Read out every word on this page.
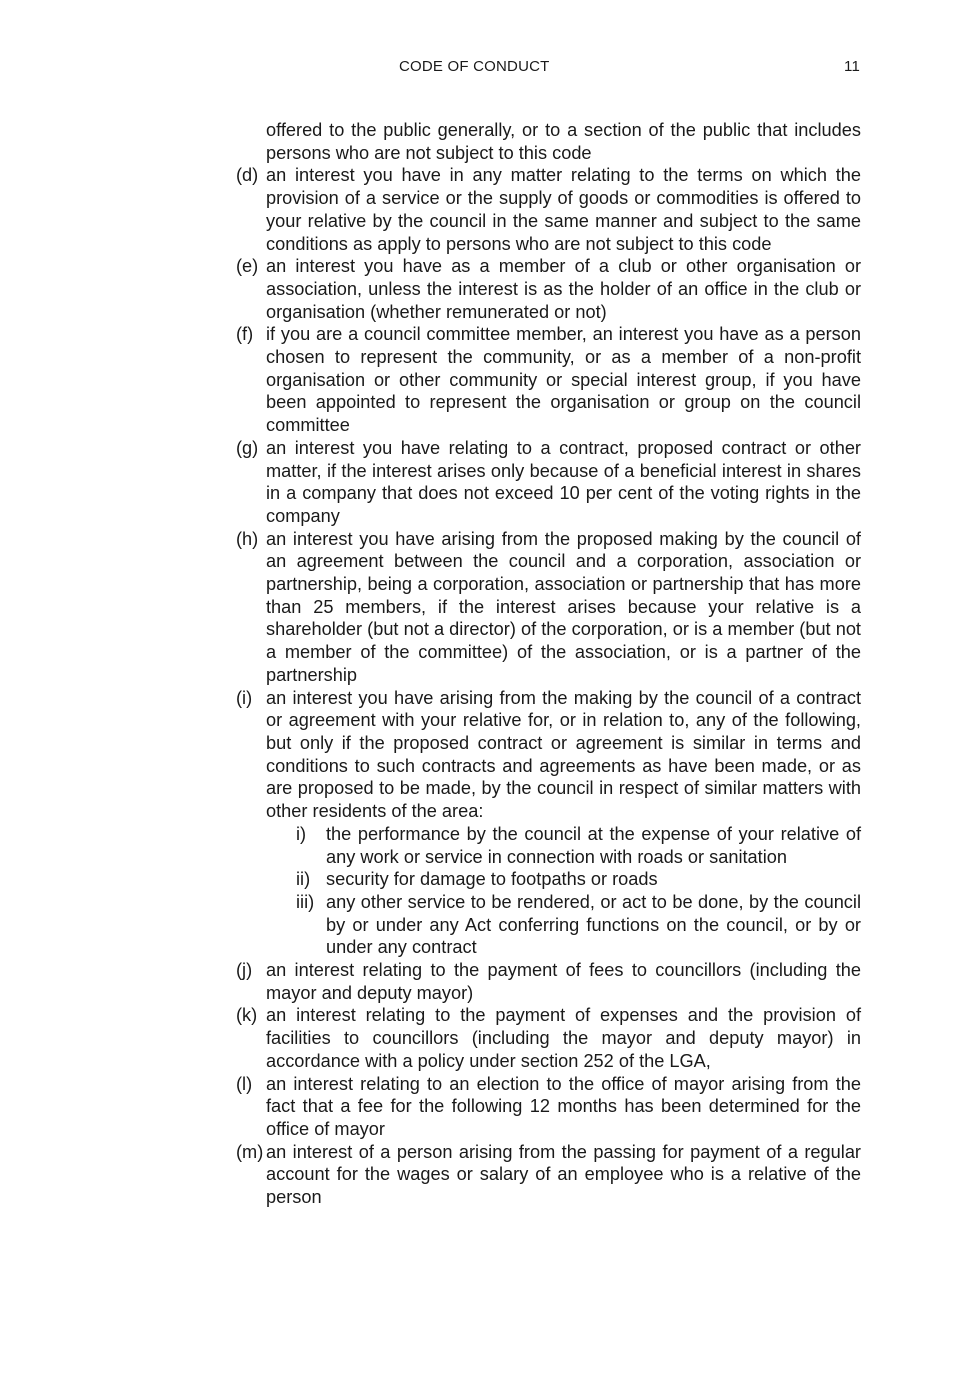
CODE OF CONDUCT	11

offered to the public generally, or to a section of the public that includes persons who are not subject to this code

(d) an interest you have in any matter relating to the terms on which the provision of a service or the supply of goods or commodities is offered to your relative by the council in the same manner and subject to the same conditions as apply to persons who are not subject to this code
(e) an interest you have as a member of a club or other organisation or association, unless the interest is as the holder of an office in the club or organisation (whether remunerated or not)
(f) if you are a council committee member, an interest you have as a person chosen to represent the community, or as a member of a non-profit organisation or other community or special interest group, if you have been appointed to represent the organisation or group on the council committee
(g) an interest you have relating to a contract, proposed contract or other matter, if the interest arises only because of a beneficial interest in shares in a company that does not exceed 10 per cent of the voting rights in the company
(h) an interest you have arising from the proposed making by the council of an agreement between the council and a corporation, association or partnership, being a corporation, association or partnership that has more than 25 members, if the interest arises because your relative is a shareholder (but not a director) of the corporation, or is a member (but not a member of the committee) of the association, or is a partner of the partnership
(i) an interest you have arising from the making by the council of a contract or agreement with your relative for, or in relation to, any of the following, but only if the proposed contract or agreement is similar in terms and conditions to such contracts and agreements as have been made, or as are proposed to be made, by the council in respect of similar matters with other residents of the area:
i)	the performance by the council at the expense of your relative of any work or service in connection with roads or sanitation
ii) security for damage to footpaths or roads
iii) any other service to be rendered, or act to be done, by the council by or under any Act conferring functions on the council, or by or under any contract
(j) an interest relating to the payment of fees to councillors (including the mayor and deputy mayor)
(k) an interest relating to the payment of expenses and the provision of facilities to councillors (including the mayor and deputy mayor) in accordance with a policy under section 252 of the LGA,
(l) an interest relating to an election to the office of mayor arising from the fact that a fee for the following 12 months has been determined for the office of mayor
(m) an interest of a person arising from the passing for payment of a regular account for the wages or salary of an employee who is a relative of the person
